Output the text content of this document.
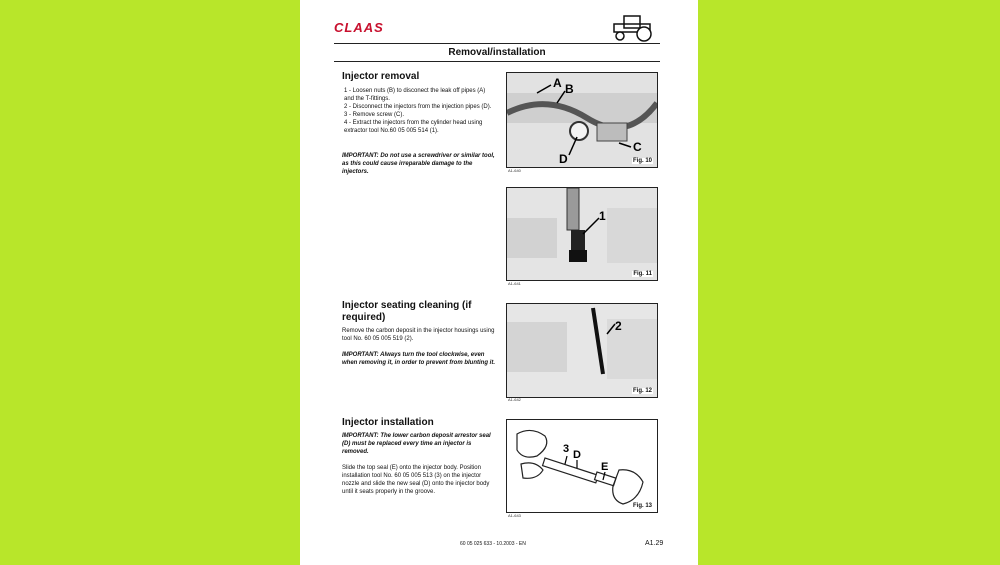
CLAAS
Removal/installation
Injector removal

1 - Loosen nuts (B) to disconect the leak off pipes (A) and the T-fittings.

2 - Disconnect the injectors from the injection pipes (D).

3 - Remove screw (C).

4 - Extract the injectors from the cylinder head using extractor tool No.60 05 005 514 (1).

IMPORTANT: Do not use a screwdriver or similar tool, as this could cause irreparable damage to the injectors.
A B
C
D	Fig. 10
A1-640
1
Fig. 11
A1-641
Injector seating cleaning (if required)
Remove the carbon deposit in the injector housings using tool No. 60 05 005 519 (2).
IMPORTANT: Always turn the tool clockwise, even when removing it, in order to prevent from blunting it.
2
Fig. 12
A1-642
Injector installation
IMPORTANT: The lower carbon deposit arrestor seal (D) must be replaced every time an injector is removed.
Slide the top seal (E) onto the injector body. Position installation tool No. 60 05 005 513 (3) on the injector nozzle and slide the new seal (D) onto the injector body until it seats properly in the groove.
3 D
E
Fig. 13
A1-643
60 05 025 633 - 10.2003 - EN	A1.29
